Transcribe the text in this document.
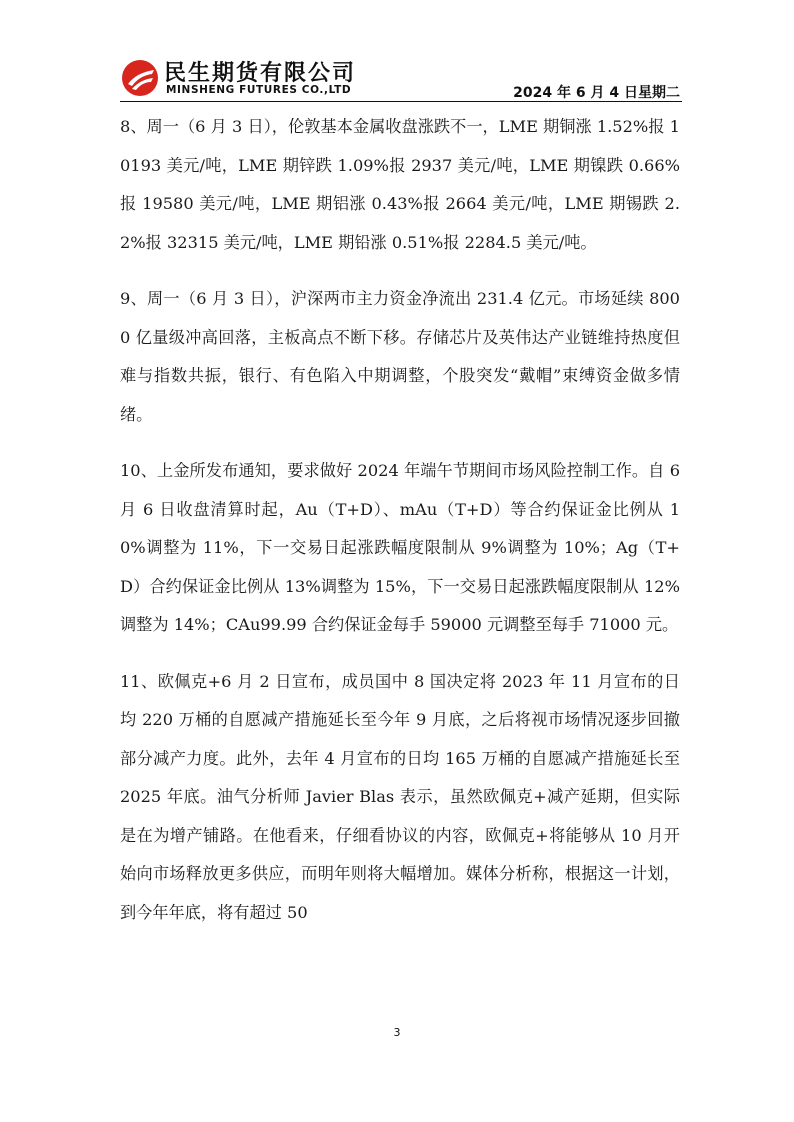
民生期货有限公司
MINSHENG FUTURES CO.,LTD	2024 年 6 月 4 日星期二

8、周一（6 月 3 日），伦敦基本金属收盘涨跌不一，LME 期铜涨 1.52%报 10193 美元/吨，LME 期锌跌 1.09%报 2937 美元/吨，LME 期镍跌 0.66%报 19580 美元/吨，LME 期铝涨 0.43%报 2664 美元/吨，LME 期锡跌 2.2%报 32315 美元/吨，LME 期铅涨 0.51%报 2284.5 美元/吨。

9、周一（6 月 3 日），沪深两市主力资金净流出 231.4 亿元。市场延续 8000 亿量级冲高回落，主板高点不断下移。存储芯片及英伟达产业链维持热度但难与指数共振，银行、有色陷入中期调整，个股突发“戴帽”束缚资金做多情绪。

10、上金所发布通知，要求做好 2024 年端午节期间市场风险控制工作。自 6 月 6 日收盘清算时起，Au（T+D）、mAu（T+D）等合约保证金比例从 10%调整为 11%，下一交易日起涨跌幅度限制从 9%调整为 10%；Ag（T+D）合约保证金比例从 13%调整为 15%，下一交易日起涨跌幅度限制从 12%调整为 14%；CAu99.99 合约保证金每手 59000 元调整至每手 71000 元。

11、欧佩克+6 月 2 日宣布，成员国中 8 国决定将 2023 年 11 月宣布的日均 220 万桶的自愿减产措施延长至今年 9 月底，之后将视市场情况逐步回撤部分减产力度。此外，去年 4 月宣布的日均 165 万桶的自愿减产措施延长至 2025 年底。油气分析师 Javier Blas 表示，虽然欧佩克+减产延期，但实际是在为增产铺路。在他看来，仔细看协议的内容，欧佩克+将能够从 10 月开始向市场释放更多供应，而明年则将大幅增加。媒体分析称，根据这一计划，到今年年底，将有超过 50

3
